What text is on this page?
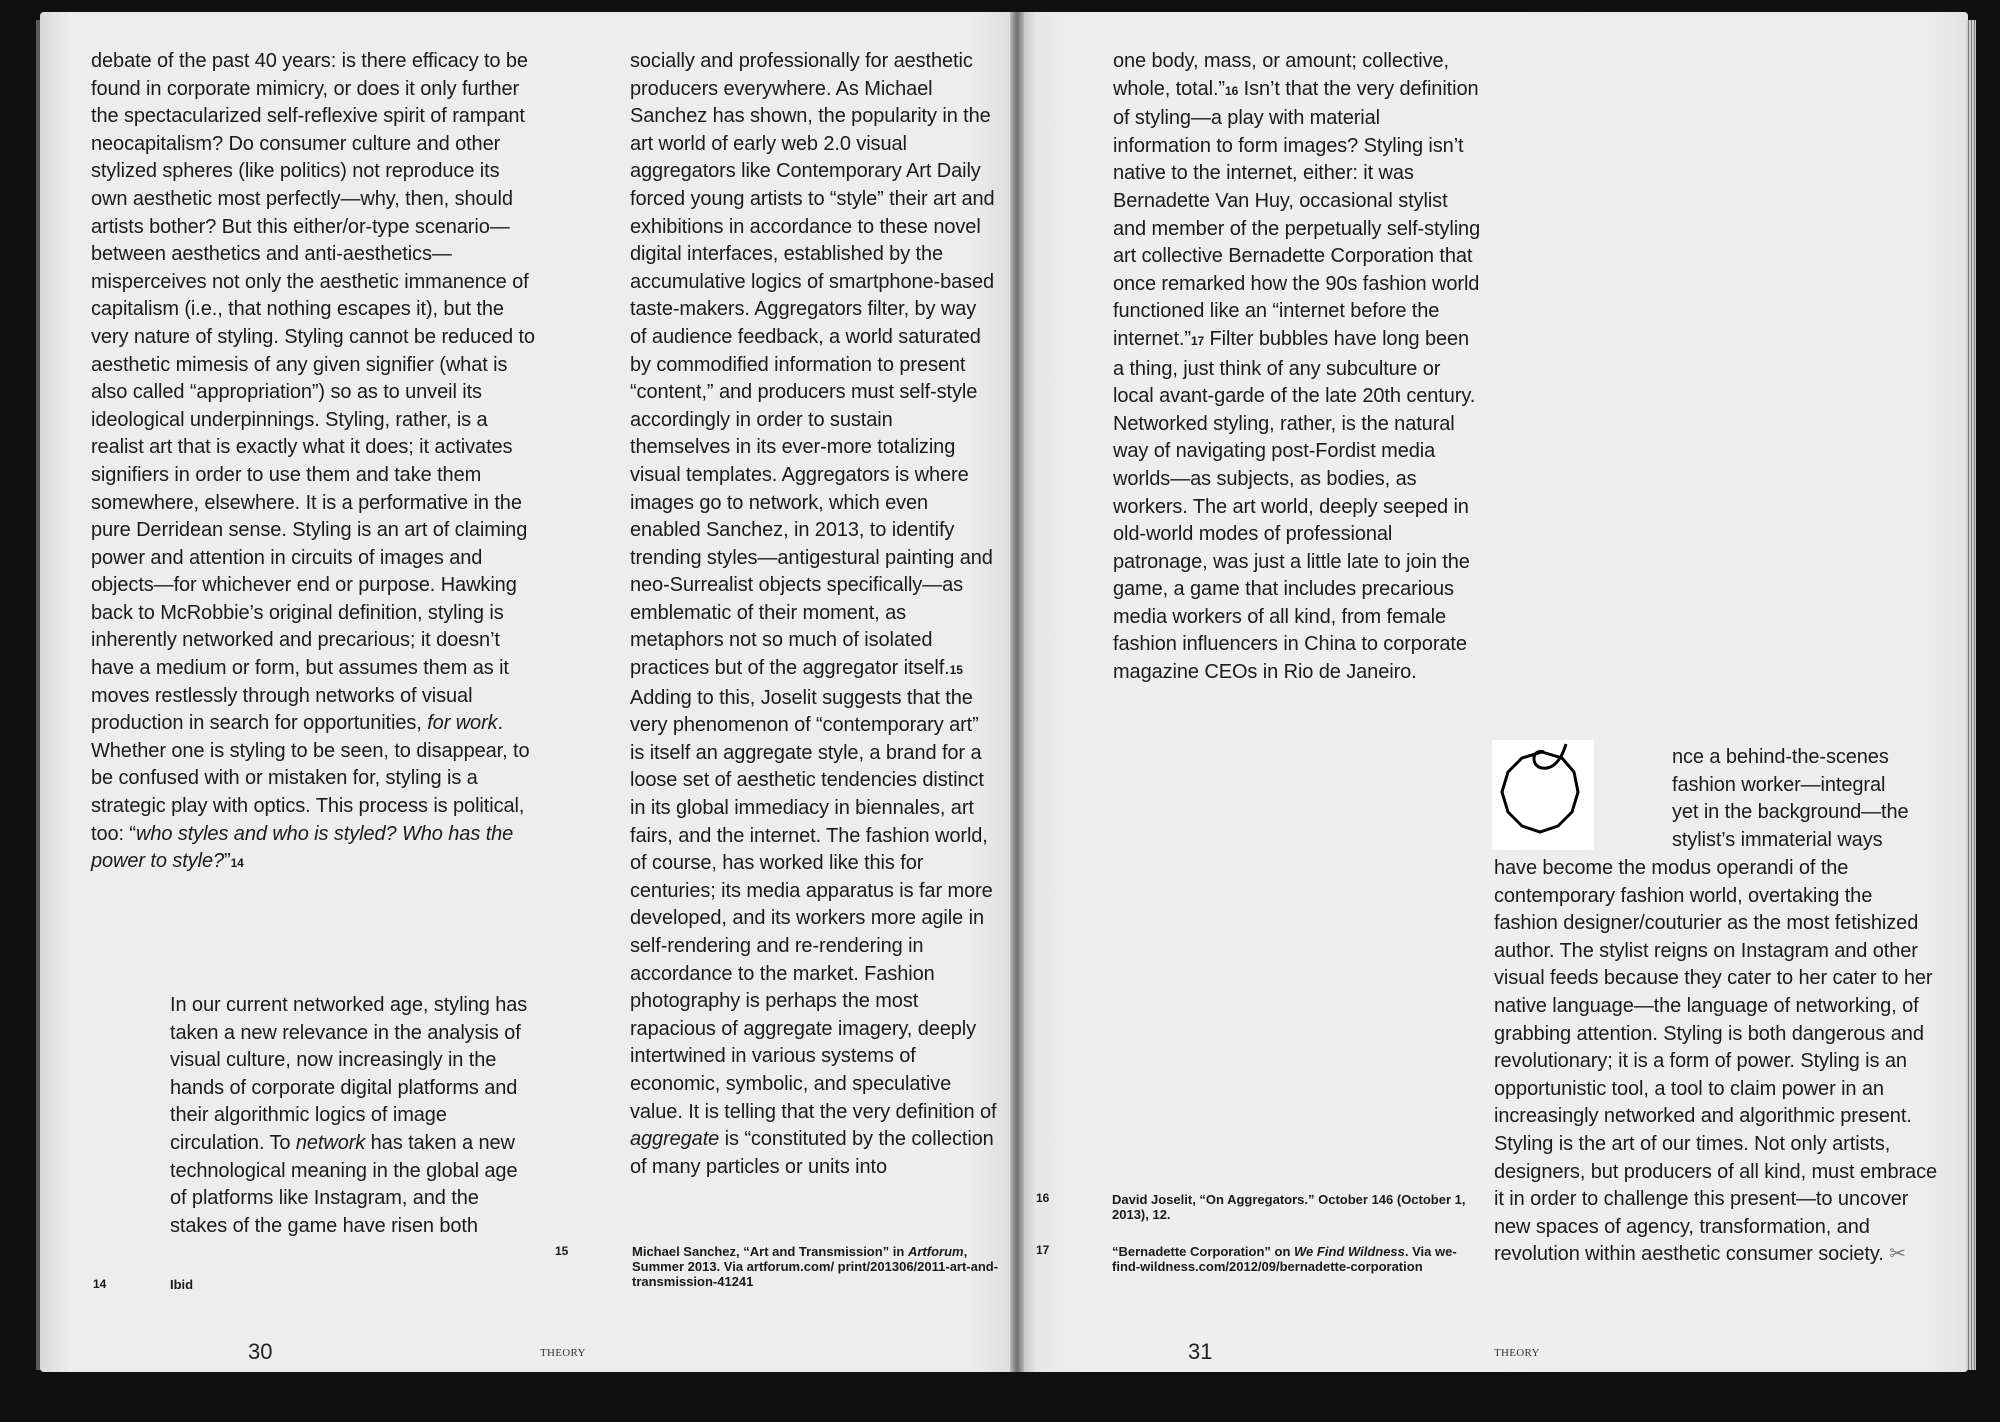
debate of the past 40 years: is there efficacy to be found in corporate mimicry, or does it only further the spectacularized self-reflexive spirit of rampant neocapitalism? Do consumer culture and other stylized spheres (like politics) not reproduce its own aesthetic most perfectly—why, then, should artists bother? But this either/or-type scenario—between aesthetics and anti-aesthetics—misperceives not only the aesthetic immanence of capitalism (i.e., that nothing escapes it), but the very nature of styling. Styling cannot be reduced to aesthetic mimesis of any given signifier (what is also called “appropriation”) so as to unveil its ideological underpinnings. Styling, rather, is a realist art that is exactly what it does; it activates signifiers in order to use them and take them somewhere, elsewhere. It is a performative in the pure Derridean sense. Styling is an art of claiming power and attention in circuits of images and objects—for whichever end or purpose. Hawking back to McRobbie’s original definition, styling is inherently networked and precarious; it doesn’t have a medium or form, but assumes them as it moves restlessly through networks of visual production in search for opportunities, for work. Whether one is styling to be seen, to disappear, to be confused with or mistaken for, styling is a strategic play with optics. This process is political, too: “who styles and who is styled? Who has the power to style?”14

In our current networked age, styling has taken a new relevance in the analysis of visual culture, now increasingly in the hands of corporate digital platforms and their algorithmic logics of image circulation. To network has taken a new technological meaning in the global age of platforms like Instagram, and the stakes of the game have risen both

socially and professionally for aesthetic producers everywhere. As Michael Sanchez has shown, the popularity in the art world of early web 2.0 visual aggregators like Contemporary Art Daily forced young artists to “style” their art and exhibitions in accordance to these novel digital interfaces, established by the accumulative logics of smartphone-based taste-makers. Aggregators filter, by way of audience feedback, a world saturated by commodified information to present “content,” and producers must self-style accordingly in order to sustain themselves in its ever-more totalizing visual templates. Aggregators is where images go to network, which even enabled Sanchez, in 2013, to identify trending styles—antigestural painting and neo-Surrealist objects specifically—as emblematic of their moment, as metaphors not so much of isolated practices but of the aggregator itself.15 Adding to this, Joselit suggests that the very phenomenon of “contemporary art” is itself an aggregate style, a brand for a loose set of aesthetic tendencies distinct in its global immediacy in biennales, art fairs, and the internet. The fashion world, of course, has worked like this for centuries; its media apparatus is far more developed, and its workers more agile in self-rendering and re-rendering in accordance to the market. Fashion photography is perhaps the most rapacious of aggregate imagery, deeply intertwined in various systems of economic, symbolic, and speculative value. It is telling that the very definition of aggregate is “constituted by the collection of many particles or units into

14	Ibid
15	Michael Sanchez, “Art and Transmission” in Artforum, Summer 2013. Via artforum.com/ print/201306/2011-art-and-transmission-41241
30	THEORY

one body, mass, or amount; collective, whole, total.”16 Isn’t that the very definition of styling—a play with material information to form images? Styling isn’t native to the internet, either: it was Bernadette Van Huy, occasional stylist and member of the perpetually self-styling art collective Bernadette Corporation that once remarked how the 90s fashion world functioned like an “internet before the internet.”17 Filter bubbles have long been a thing, just think of any subculture or local avant-garde of the late 20th century. Networked styling, rather, is the natural way of navigating post-Fordist media worlds—as subjects, as bodies, as workers. The art world, deeply seeped in old-world modes of professional patronage, was just a little late to join the game, a game that includes precarious media workers of all kind, from female fashion influencers in China to corporate magazine CEOs in Rio de Janeiro.

nce a behind-the-scenes
fashion worker—integral
yet in the background—the
stylist’s immaterial ways

have become the modus operandi of the contemporary fashion world, overtaking the fashion designer/couturier as the most fetishized author. The stylist reigns on Instagram and other visual feeds because they cater to her cater to her native language—the language of networking, of grabbing attention. Styling is both dangerous and revolutionary; it is a form of power. Styling is an opportunistic tool, a tool to claim power in an increasingly networked and algorithmic present. Styling is the art of our times. Not only artists, designers, but producers of all kind, must embrace it in order to challenge this present—to uncover new spaces of agency, transformation, and revolution within aesthetic consumer society. ✂

16	David Joselit, “On Aggregators.” October 146 (October 1, 2013), 12.
17	“Bernadette Corporation” on We Find Wildness. Via we-find-wildness.com/2012/09/bernadette-corporation
31	THEORY
